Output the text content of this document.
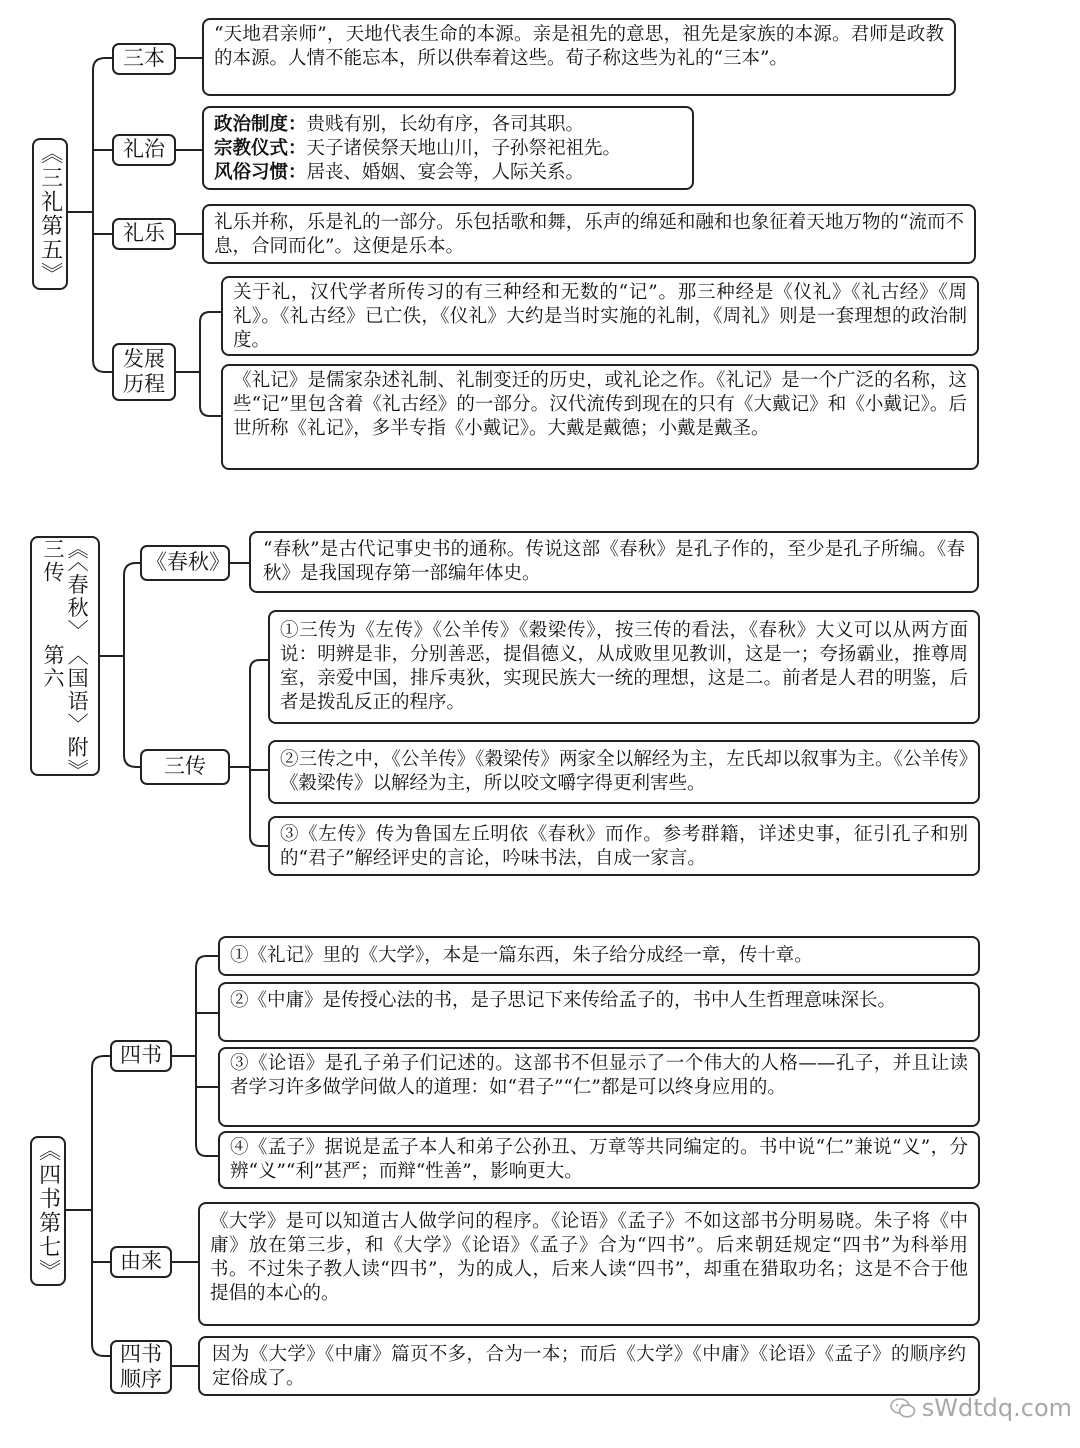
《三礼第五》
三本

“天地君亲师”，天地代表生命的本源。亲是祖先的意思，祖先是家族的本源。君师是政教的本源。人情不能忘本，所以供奉着这些。荀子称这些为礼的“三本”。

礼治

政治制度：贵贱有别，长幼有序，各司其职。

宗教仪式：天子诸侯祭天地山川，子孙祭祀祖先。

风俗习惯：居丧、婚姻、宴会等，人际关系。

礼乐	礼乐并称，乐是礼的一部分。乐包括歌和舞，乐声的绵延和融和也象征着天地万物的“流而不息，合同而化”。这便是乐本。

发展
历程

关于礼，汉代学者所传习的有三种经和无数的“记”。那三种经是《仪礼》《礼古经》《周礼》。《礼古经》已亡佚，《仪礼》大约是当时实施的礼制，《周礼》则是一套理想的政治制度。

《礼记》是儒家杂述礼制、礼制变迁的历史，或礼论之作。《礼记》是一个广泛的名称，这些“记”里包含着《礼古经》的一部分。汉代流传到现在的只有《大戴记》和《小戴记》。后世所称《礼记》，多半专指《小戴记》。大戴是戴德；小戴是戴圣。

《〈春秋〉三传
〈国语〉附》第六
《春秋》

“春秋”是古代记事史书的通称。传说这部《春秋》是孔子作的，至少是孔子所编。《春秋》是我国现存第一部编年体史。

三传

①三传为《左传》《公羊传》《穀梁传》，按三传的看法，《春秋》大义可以从两方面说：明辨是非，分别善恶，提倡德义，从成败里见教训，这是一；夸扬霸业，推尊周室，亲爱中国，排斥夷狄，实现民族大一统的理想，这是二。前者是人君的明鉴，后者是拨乱反正的程序。

②三传之中，《公羊传》《穀梁传》两家全以解经为主，左氏却以叙事为主。《公羊传》《穀梁传》以解经为主，所以咬文嚼字得更利害些。

③《左传》传为鲁国左丘明依《春秋》而作。参考群籍，详述史事，征引孔子和别的“君子”解经评史的言论，吟味书法，自成一家言。

《四书第七》
四书

①《礼记》里的《大学》，本是一篇东西，朱子给分成经一章，传十章。

②《中庸》是传授心法的书，是子思记下来传给孟子的，书中人生哲理意味深长。

③《论语》是孔子弟子们记述的。这部书不但显示了一个伟大的人格——孔子，并且让读者学习许多做学问做人的道理：如“君子”“仁”都是可以终身应用的。

④《孟子》据说是孟子本人和弟子公孙丑、万章等共同编定的。书中说“仁”兼说“义”，分辨“义”“利”甚严；而辩“性善”，影响更大。

由来

《大学》是可以知道古人做学问的程序。《论语》《孟子》不如这部书分明易晓。朱子将《中庸》放在第三步，和《大学》《论语》《孟子》合为“四书”。后来朝廷规定“四书”为科举用书。不过朱子教人读“四书”，为的成人，后来人读“四书”，却重在猎取功名；这是不合于他提倡的本心的。

四书
顺序

因为《大学》《中庸》篇页不多，合为一本；而后《大学》《中庸》《论语》《孟子》的顺序约定俗成了。

sWdtdq.com
